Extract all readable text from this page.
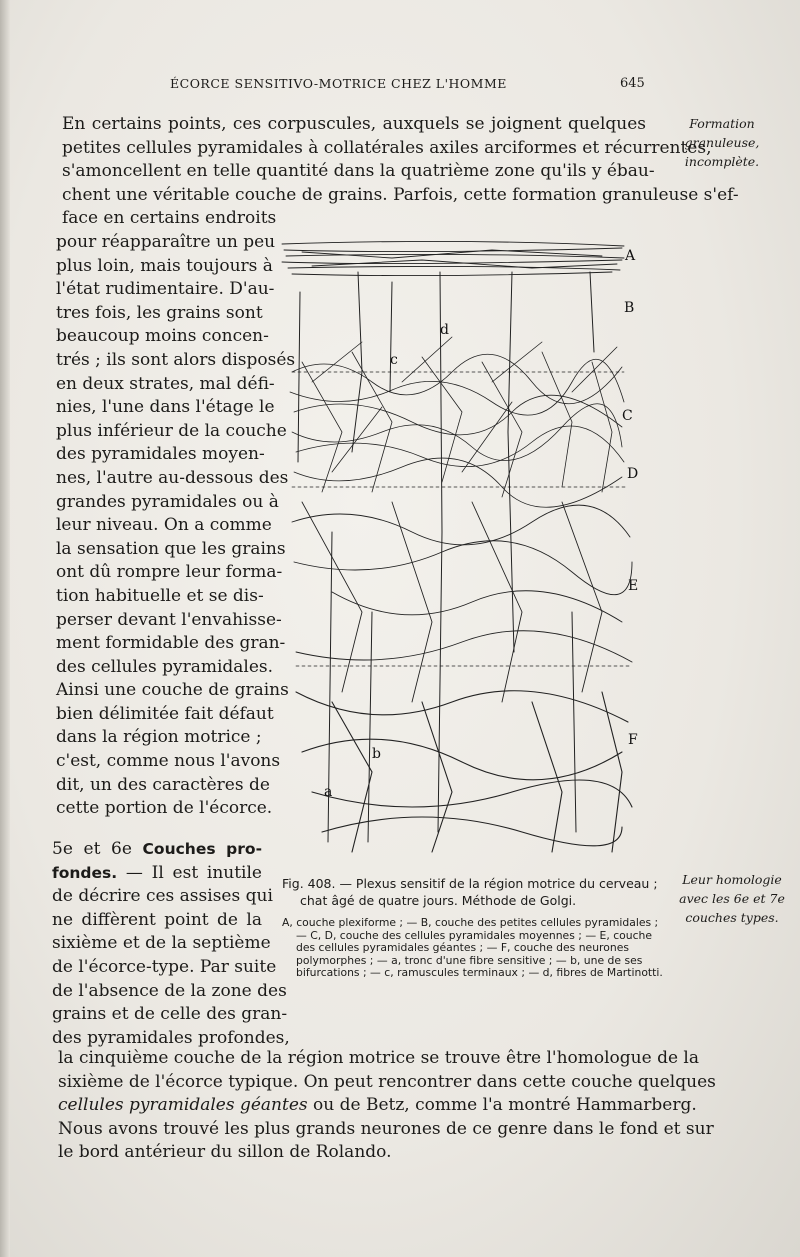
ÉCORCE SENSITIVO-MOTRICE CHEZ L'HOMME	645
Formation granuleuse, incomplète.
Leur homologie avec les 6e et 7e couches types.
En certains points, ces corpuscules, auxquels se joignent quelques
petites cellules pyramidales à collatérales axiles arciformes et récurrentes,
s'amoncellent en telle quantité dans la quatrième zone qu'ils y ébau-
chent une véritable couche de grains. Parfois, cette formation granuleuse s'ef-
face en certains endroits
pour réapparaître un peu
plus loin, mais toujours à
l'état rudimentaire. D'au-
tres fois, les grains sont
beaucoup moins concen-
trés ; ils sont alors disposés
en deux strates, mal défi-
nies, l'une dans l'étage le
plus inférieur de la couche
des pyramidales moyen-
nes, l'autre au-dessous des
grandes pyramidales ou à
leur niveau. On a comme
la sensation que les grains
ont dû rompre leur forma-
tion habituelle et se dis-
perser devant l'envahisse-
ment formidable des gran-
des cellules pyramidales.
Ainsi une couche de grains
bien délimitée fait défaut
dans la région motrice ;
c'est, comme nous l'avons
dit, un des caractères de
cette portion de l'écorce.
5e et 6e Couches pro-
fondes. — Il est inutile
de décrire ces assises qui
ne diffèrent point de la
sixième et de la septième
de l'écorce-type. Par suite
de l'absence de la zone des
grains et de celle des gran-
des pyramidales profondes,
la cinquième couche de la région motrice se trouve être l'homologue de la
sixième de l'écorce typique. On peut rencontrer dans cette couche quelques
cellules pyramidales géantes ou de Betz, comme l'a montré Hammarberg.
Nous avons trouvé les plus grands neurones de ce genre dans le fond et sur
le bord antérieur du sillon de Rolando.
A
B
C
D
E
F
a
b
c
d
Fig. 408. — Plexus sensitif de la région motrice du cerveau ; chat âgé de quatre jours. Méthode de Golgi.
A, couche plexiforme ; — B, couche des petites cellules pyramidales ; — C, D, couche des cellules pyramidales moyennes ; — E, couche des cellules pyramidales géantes ; — F, couche des neurones polymorphes ; — a, tronc d'une fibre sensitive ; — b, une de ses bifurcations ; — c, ramuscules terminaux ; — d, fibres de Martinotti.
